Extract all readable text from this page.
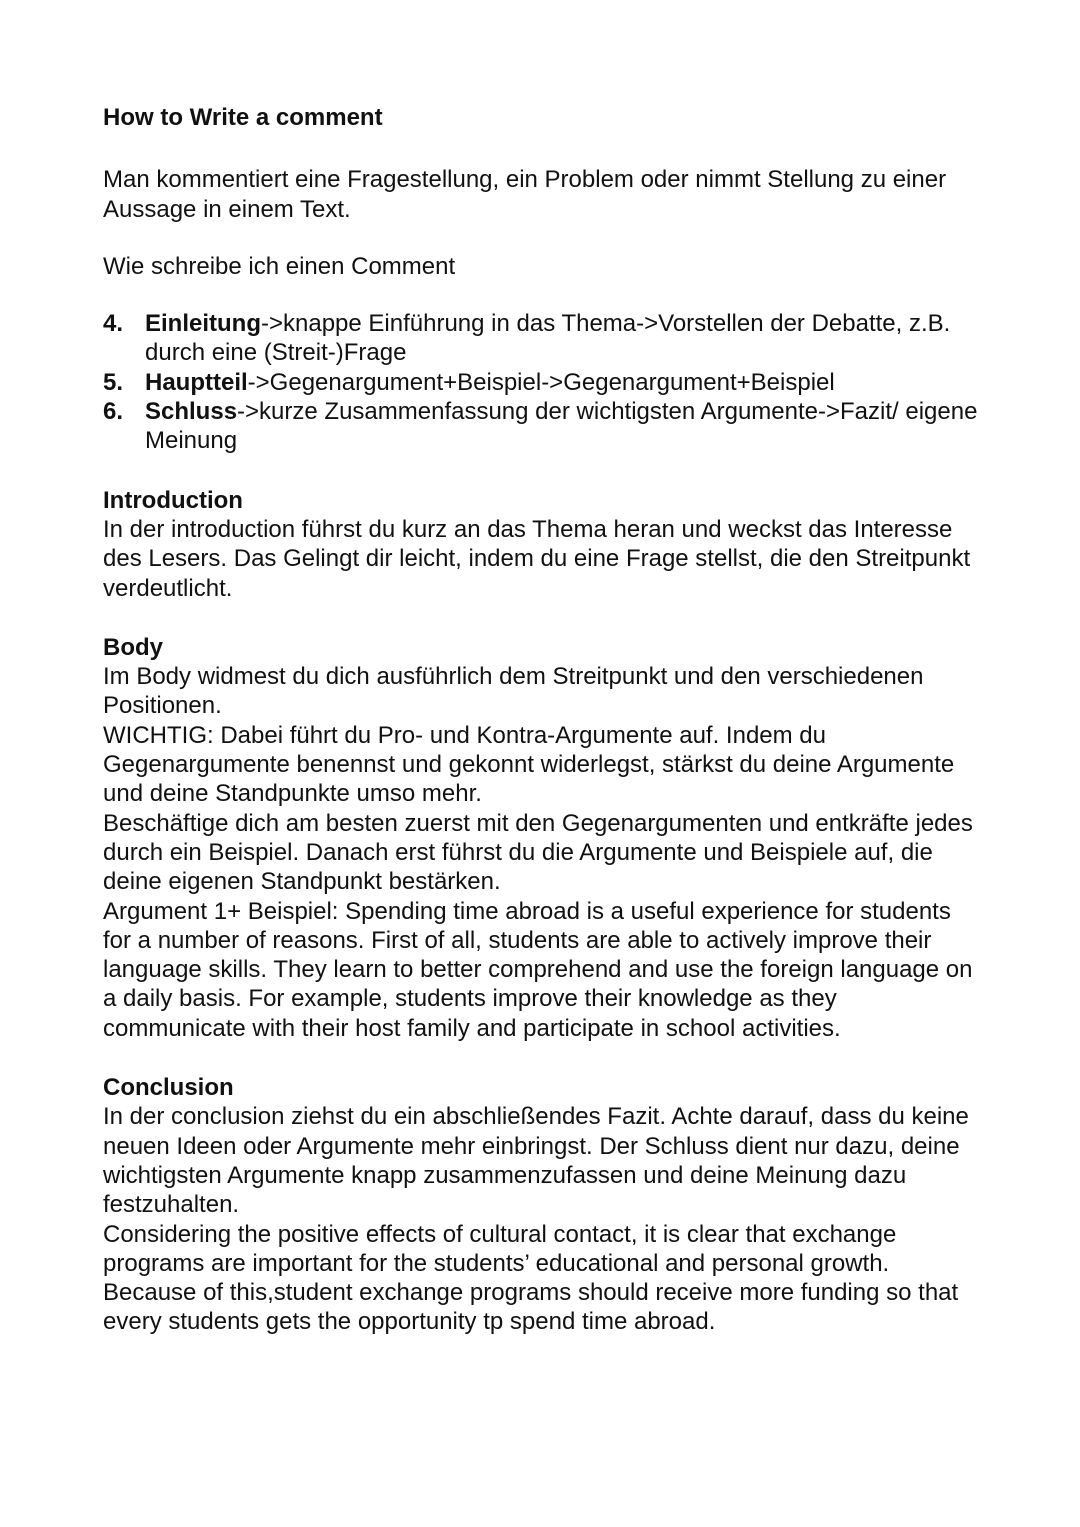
How to Write a comment

Man kommentiert eine Fragestellung, ein Problem oder nimmt Stellung zu einer Aussage in einem Text.

Wie schreibe ich einen Comment

4. Einleitung->knappe Einführung in das Thema->Vorstellen der Debatte, z.B. durch eine (Streit-)Frage
5. Hauptteil->Gegenargument+Beispiel->Gegenargument+Beispiel
6. Schluss->kurze Zusammenfassung der wichtigsten Argumente->Fazit/ eigene Meinung

Introduction

In der introduction führst du kurz an das Thema heran und weckst das Interesse des Lesers. Das Gelingt dir leicht, indem du eine Frage stellst, die den Streitpunkt verdeutlicht.

Body

Im Body widmest du dich ausführlich dem Streitpunkt und den verschiedenen Positionen.

WICHTIG: Dabei führt du Pro- und Kontra-Argumente auf. Indem du Gegenargumente benennst und gekonnt widerlegst, stärkst du deine Argumente und deine Standpunkte umso mehr.

Beschäftige dich am besten zuerst mit den Gegenargumenten und entkräfte jedes durch ein Beispiel. Danach erst führst du die Argumente und Beispiele auf, die deine eigenen Standpunkt bestärken.

Argument 1+ Beispiel: Spending time abroad is a useful experience for students for a number of reasons. First of all, students are able to actively improve their language skills. They learn to better comprehend and use the foreign language on a daily basis. For example, students improve their knowledge as they communicate with their host family and participate in school activities.

Conclusion

In der conclusion ziehst du ein abschließendes Fazit. Achte darauf, dass du keine neuen Ideen oder Argumente mehr einbringst. Der Schluss dient nur dazu, deine wichtigsten Argumente knapp zusammenzufassen und deine Meinung dazu festzuhalten.

Considering the positive effects of cultural contact, it is clear that exchange programs are important for the students’ educational and personal growth. Because of this,student exchange programs should receive more funding so that every students gets the opportunity tp spend time abroad.
